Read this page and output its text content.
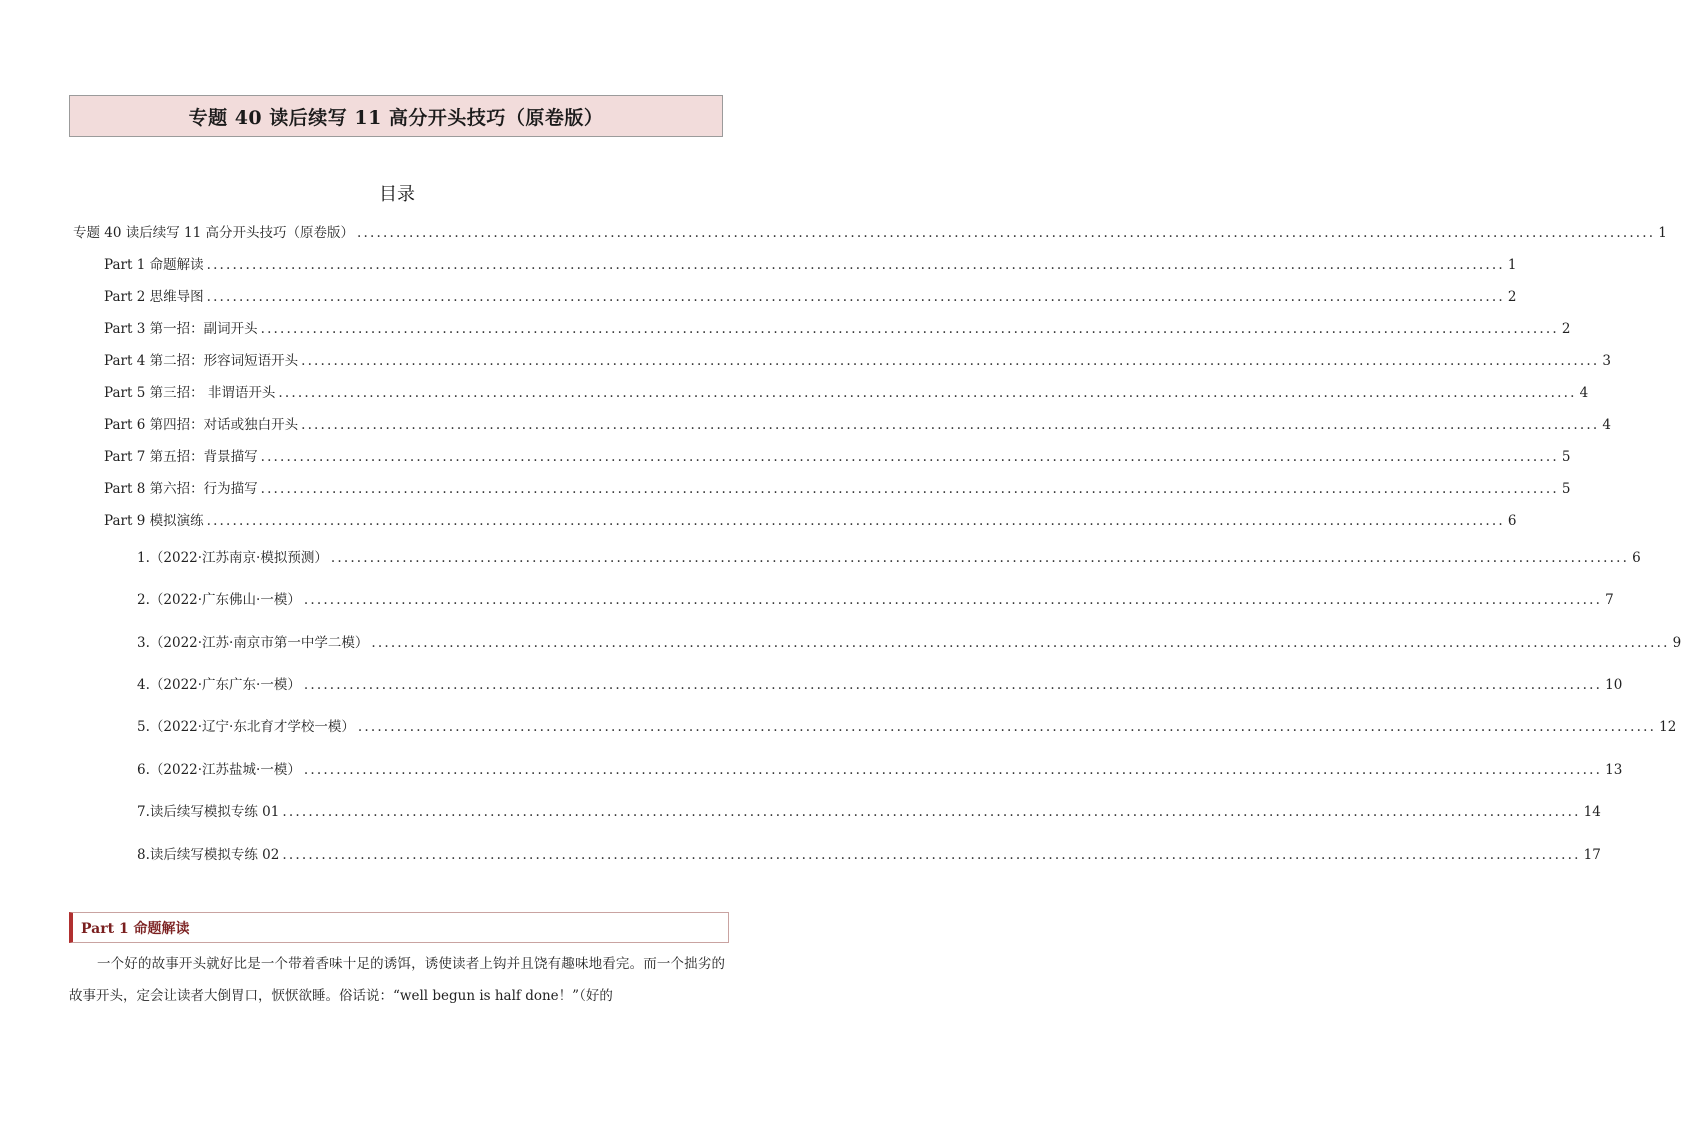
专题 40 读后续写 11 高分开头技巧（原卷版）
目录
专题 40 读后续写 11 高分开头技巧（原卷版） ........................................................................................................................................................................................................ 1
Part 1 命题解读 ........................................................................................................................................................................................................ 1
Part 2 思维导图 ........................................................................................................................................................................................................ 2
Part 3 第一招：副词开头 ........................................................................................................................................................................................................ 2
Part 4 第二招：形容词短语开头 ........................................................................................................................................................................................................ 3
Part 5 第三招： 非谓语开头 ........................................................................................................................................................................................................ 4
Part 6 第四招：对话或独白开头 ........................................................................................................................................................................................................ 4
Part 7 第五招：背景描写 ........................................................................................................................................................................................................ 5
Part 8 第六招：行为描写 ........................................................................................................................................................................................................ 5
Part 9 模拟演练 ........................................................................................................................................................................................................ 6
1. （2022·江苏南京·模拟预测） ........................................................................................................................................................................................................ 6
2. （2022·广东佛山·一模） ........................................................................................................................................................................................................ 7
3. （2022·江苏·南京市第一中学二模） ........................................................................................................................................................................................................ 9
4. （2022·广东广东·一模） ........................................................................................................................................................................................................ 10
5. （2022·辽宁·东北育才学校一模） ........................................................................................................................................................................................................ 12
6. （2022·江苏盐城·一模） ........................................................................................................................................................................................................ 13
7. 读后续写模拟专练 01 ........................................................................................................................................................................................................ 14
8. 读后续写模拟专练 02 ........................................................................................................................................................................................................ 17
Part 1 命题解读
一个好的故事开头就好比是一个带着香味十足的诱饵，诱使读者上钩并且饶有趣味地看完。而一个拙劣的故事开头，定会让读者大倒胃口，恹恹欲睡。俗话说：“well begun is half done！”（好的
